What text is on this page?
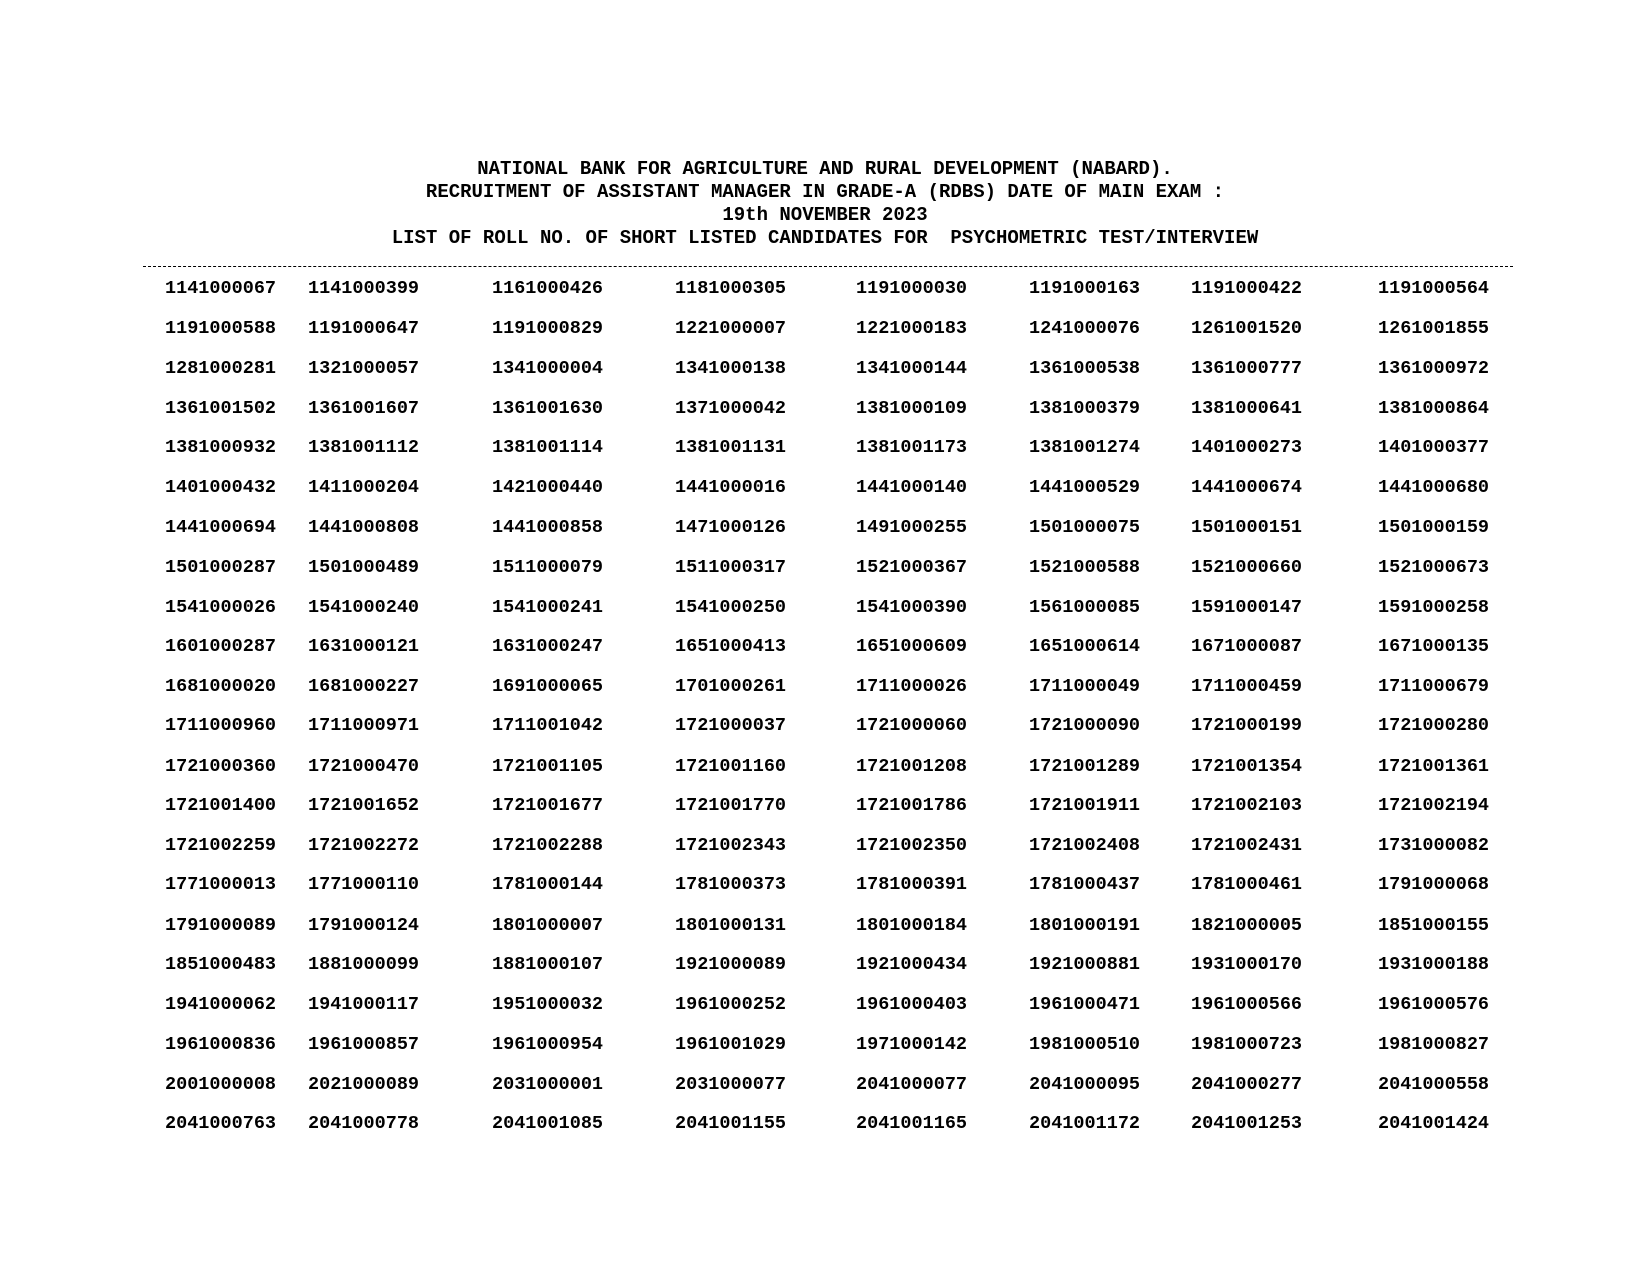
NATIONAL BANK FOR AGRICULTURE AND RURAL DEVELOPMENT (NABARD).
RECRUITMENT OF ASSISTANT MANAGER IN GRADE-A (RDBS) DATE OF MAIN EXAM :
19th NOVEMBER 2023
LIST OF ROLL NO. OF SHORT LISTED CANDIDATES FOR  PSYCHOMETRIC TEST/INTERVIEW
1141000067 1141000399	1161000426	1181000305	1191000030	1191000163	1191000422	1191000564
1191000588 1191000647	1191000829	1221000007	1221000183	1241000076	1261001520	1261001855
1281000281 1321000057	1341000004	1341000138	1341000144	1361000538	1361000777	1361000972
1361001502 1361001607	1361001630	1371000042	1381000109	1381000379	1381000641	1381000864
1381000932 1381001112	1381001114	1381001131	1381001173	1381001274	1401000273	1401000377
1401000432 1411000204	1421000440	1441000016	1441000140	1441000529	1441000674	1441000680
1441000694 1441000808	1441000858	1471000126	1491000255	1501000075	1501000151	1501000159
1501000287 1501000489	1511000079	1511000317	1521000367	1521000588	1521000660	1521000673
1541000026 1541000240	1541000241	1541000250	1541000390	1561000085	1591000147	1591000258
1601000287 1631000121	1631000247	1651000413	1651000609	1651000614	1671000087	1671000135
1681000020 1681000227	1691000065	1701000261	1711000026	1711000049	1711000459	1711000679
1711000960 1711000971	1711001042	1721000037	1721000060	1721000090	1721000199	1721000280
1721000360 1721000470	1721001105	1721001160	1721001208	1721001289	1721001354	1721001361
1721001400 1721001652	1721001677	1721001770	1721001786	1721001911	1721002103	1721002194
1721002259 1721002272	1721002288	1721002343	1721002350	1721002408	1721002431	1731000082
1771000013 1771000110	1781000144	1781000373	1781000391	1781000437	1781000461	1791000068
1791000089 1791000124	1801000007	1801000131	1801000184	1801000191	1821000005	1851000155
1851000483 1881000099	1881000107	1921000089	1921000434	1921000881	1931000170	1931000188
1941000062 1941000117	1951000032	1961000252	1961000403	1961000471	1961000566	1961000576
1961000836 1961000857	1961000954	1961001029	1971000142	1981000510	1981000723	1981000827
2001000008 2021000089	2031000001	2031000077	2041000077	2041000095	2041000277	2041000558
2041000763 2041000778	2041001085	2041001155	2041001165	2041001172	2041001253	2041001424
